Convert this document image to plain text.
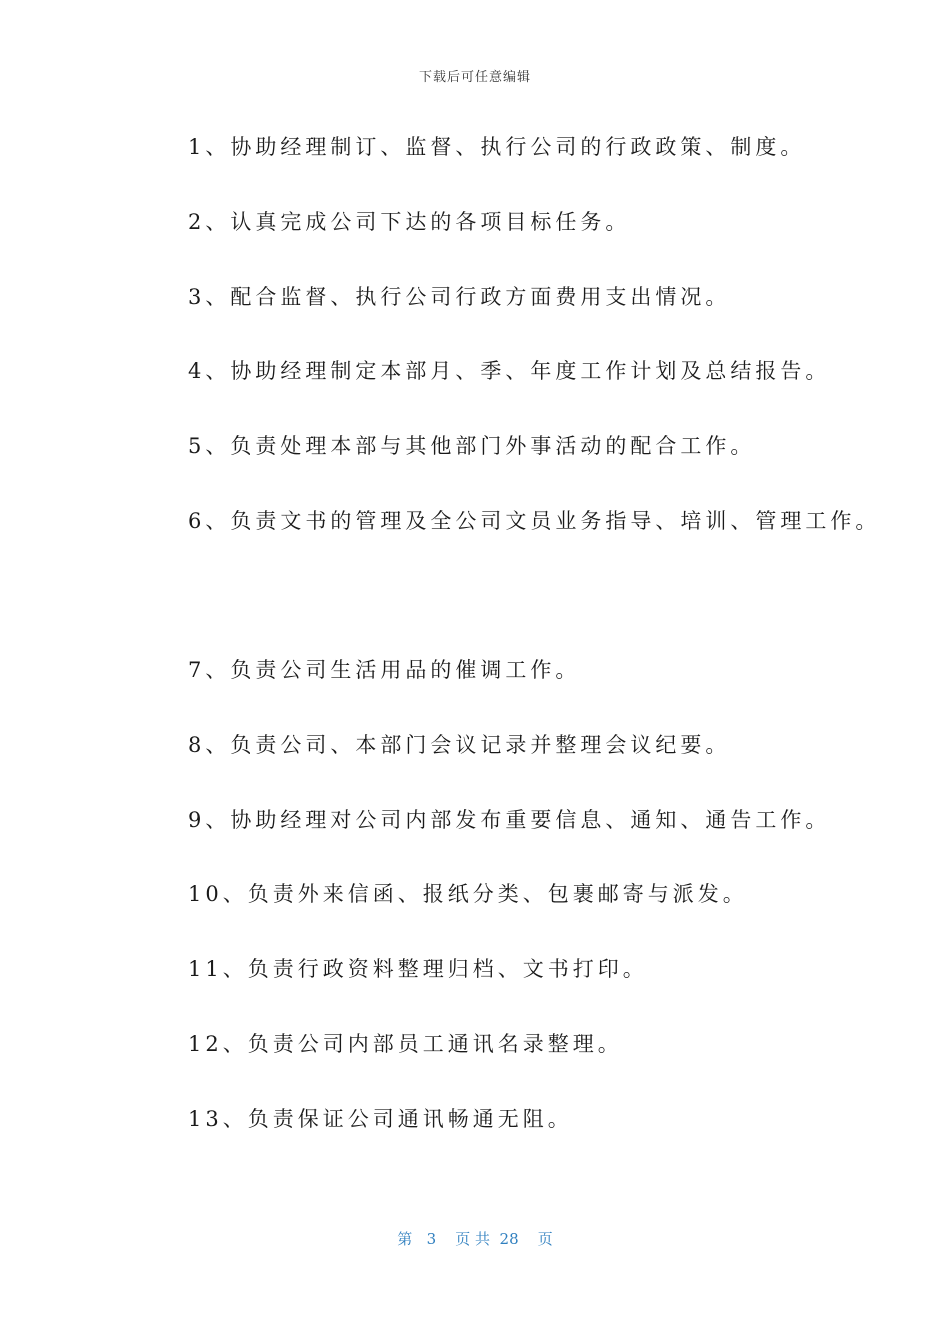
下载后可任意编辑
1、协助经理制订、监督、执行公司的行政政策、制度。
2、认真完成公司下达的各项目标任务。
3、配合监督、执行公司行政方面费用支出情况。
4、协助经理制定本部月、季、年度工作计划及总结报告。
5、负责处理本部与其他部门外事活动的配合工作。
6、负责文书的管理及全公司文员业务指导、培训、管理工作。
7、负责公司生活用品的催调工作。
8、负责公司、本部门会议记录并整理会议纪要。
9、协助经理对公司内部发布重要信息、通知、通告工作。
10、负责外来信函、报纸分类、包裹邮寄与派发。
11、负责行政资料整理归档、文书打印。
12、负责公司内部员工通讯名录整理。
13、负责保证公司通讯畅通无阻。
第 3 页 共 28 页
